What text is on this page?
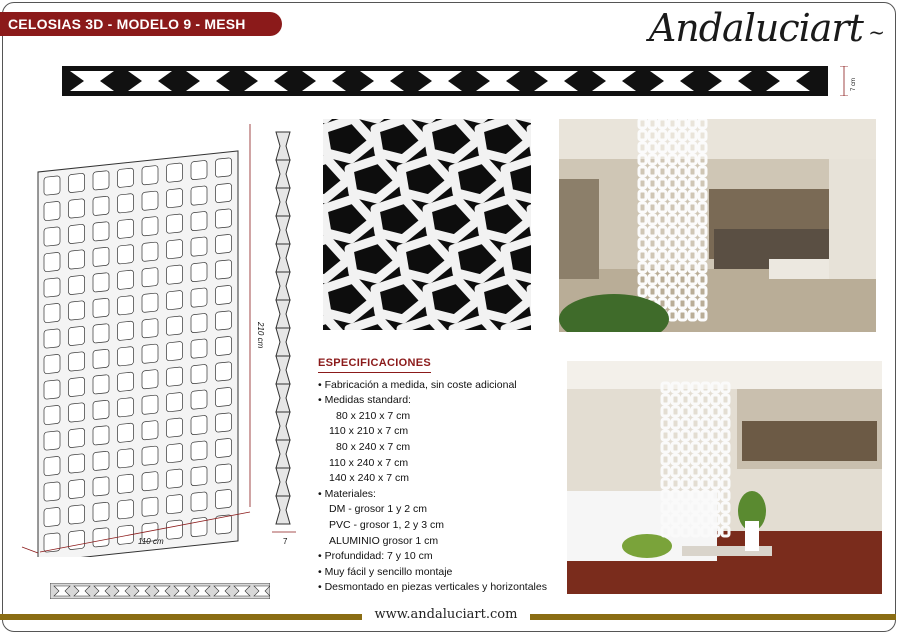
CELOSIAS 3D - MODELO 9 - MESH	Andaluciart ~
7 cm
210 cm
110 cm	7
ESPECIFICACIONES
• Fabricación a medida, sin coste adicional
• Medidas standard:
80 x 210 x 7 cm
110 x 210 x 7 cm
80 x 240 x 7 cm
110 x 240 x 7 cm
140 x 240 x 7 cm
• Materiales:
DM - grosor 1 y 2 cm
PVC - grosor 1, 2 y 3 cm
ALUMINIO grosor 1 cm
• Profundidad: 7 y 10 cm
• Muy fácil y sencillo montaje
• Desmontado en piezas verticales y horizontales
www.andaluciart.com
